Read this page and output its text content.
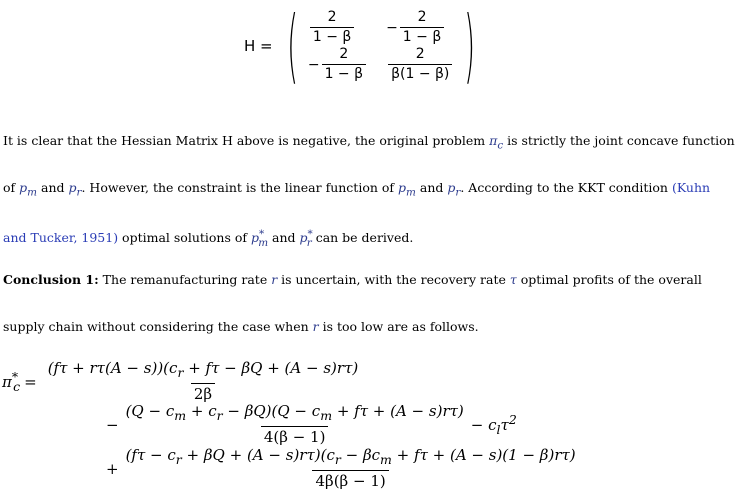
H = ( $\frac{2}{1 - \beta} - \frac{2}{1 - \beta}$
− $\frac{2}{1 - \beta} \frac{2}{\beta(1 - \beta)}$ )
It is clear that the Hessian Matrix H above is negative, the original problem $\pi_c$ is strictly the joint concave function
of $p_m$ and $p_r$. However, the constraint is the linear function of $p_m$ and $p_r$. According to the KKT condition (Kuhn
and Tucker, 1951) optimal solutions of $p^*_m$ and $p^*_r$ can be derived.
Conclusion 1: The remanufacturing rate r is uncertain, with the recovery rate τ optimal profits of the overall
supply chain without considering the case when r is too low are as follows.
$\pi^*_c = \frac{(f\tau + r\tau(A - s))(c_r + f\tau - \beta Q + (A - s)r\tau)}{2\beta}$
− $\frac{(Q - c_m + c_r - \beta Q)(Q - c_m + f\tau + (A - s)r\tau)}{4(\beta - 1)} - c_l\tau^2$
+ $\frac{(f\tau - c_r + \beta Q + (A - s)r\tau)(c_r - \beta c_m + f\tau + (A - s)(1 - \beta)r\tau)}{4\beta(\beta - 1)}$
